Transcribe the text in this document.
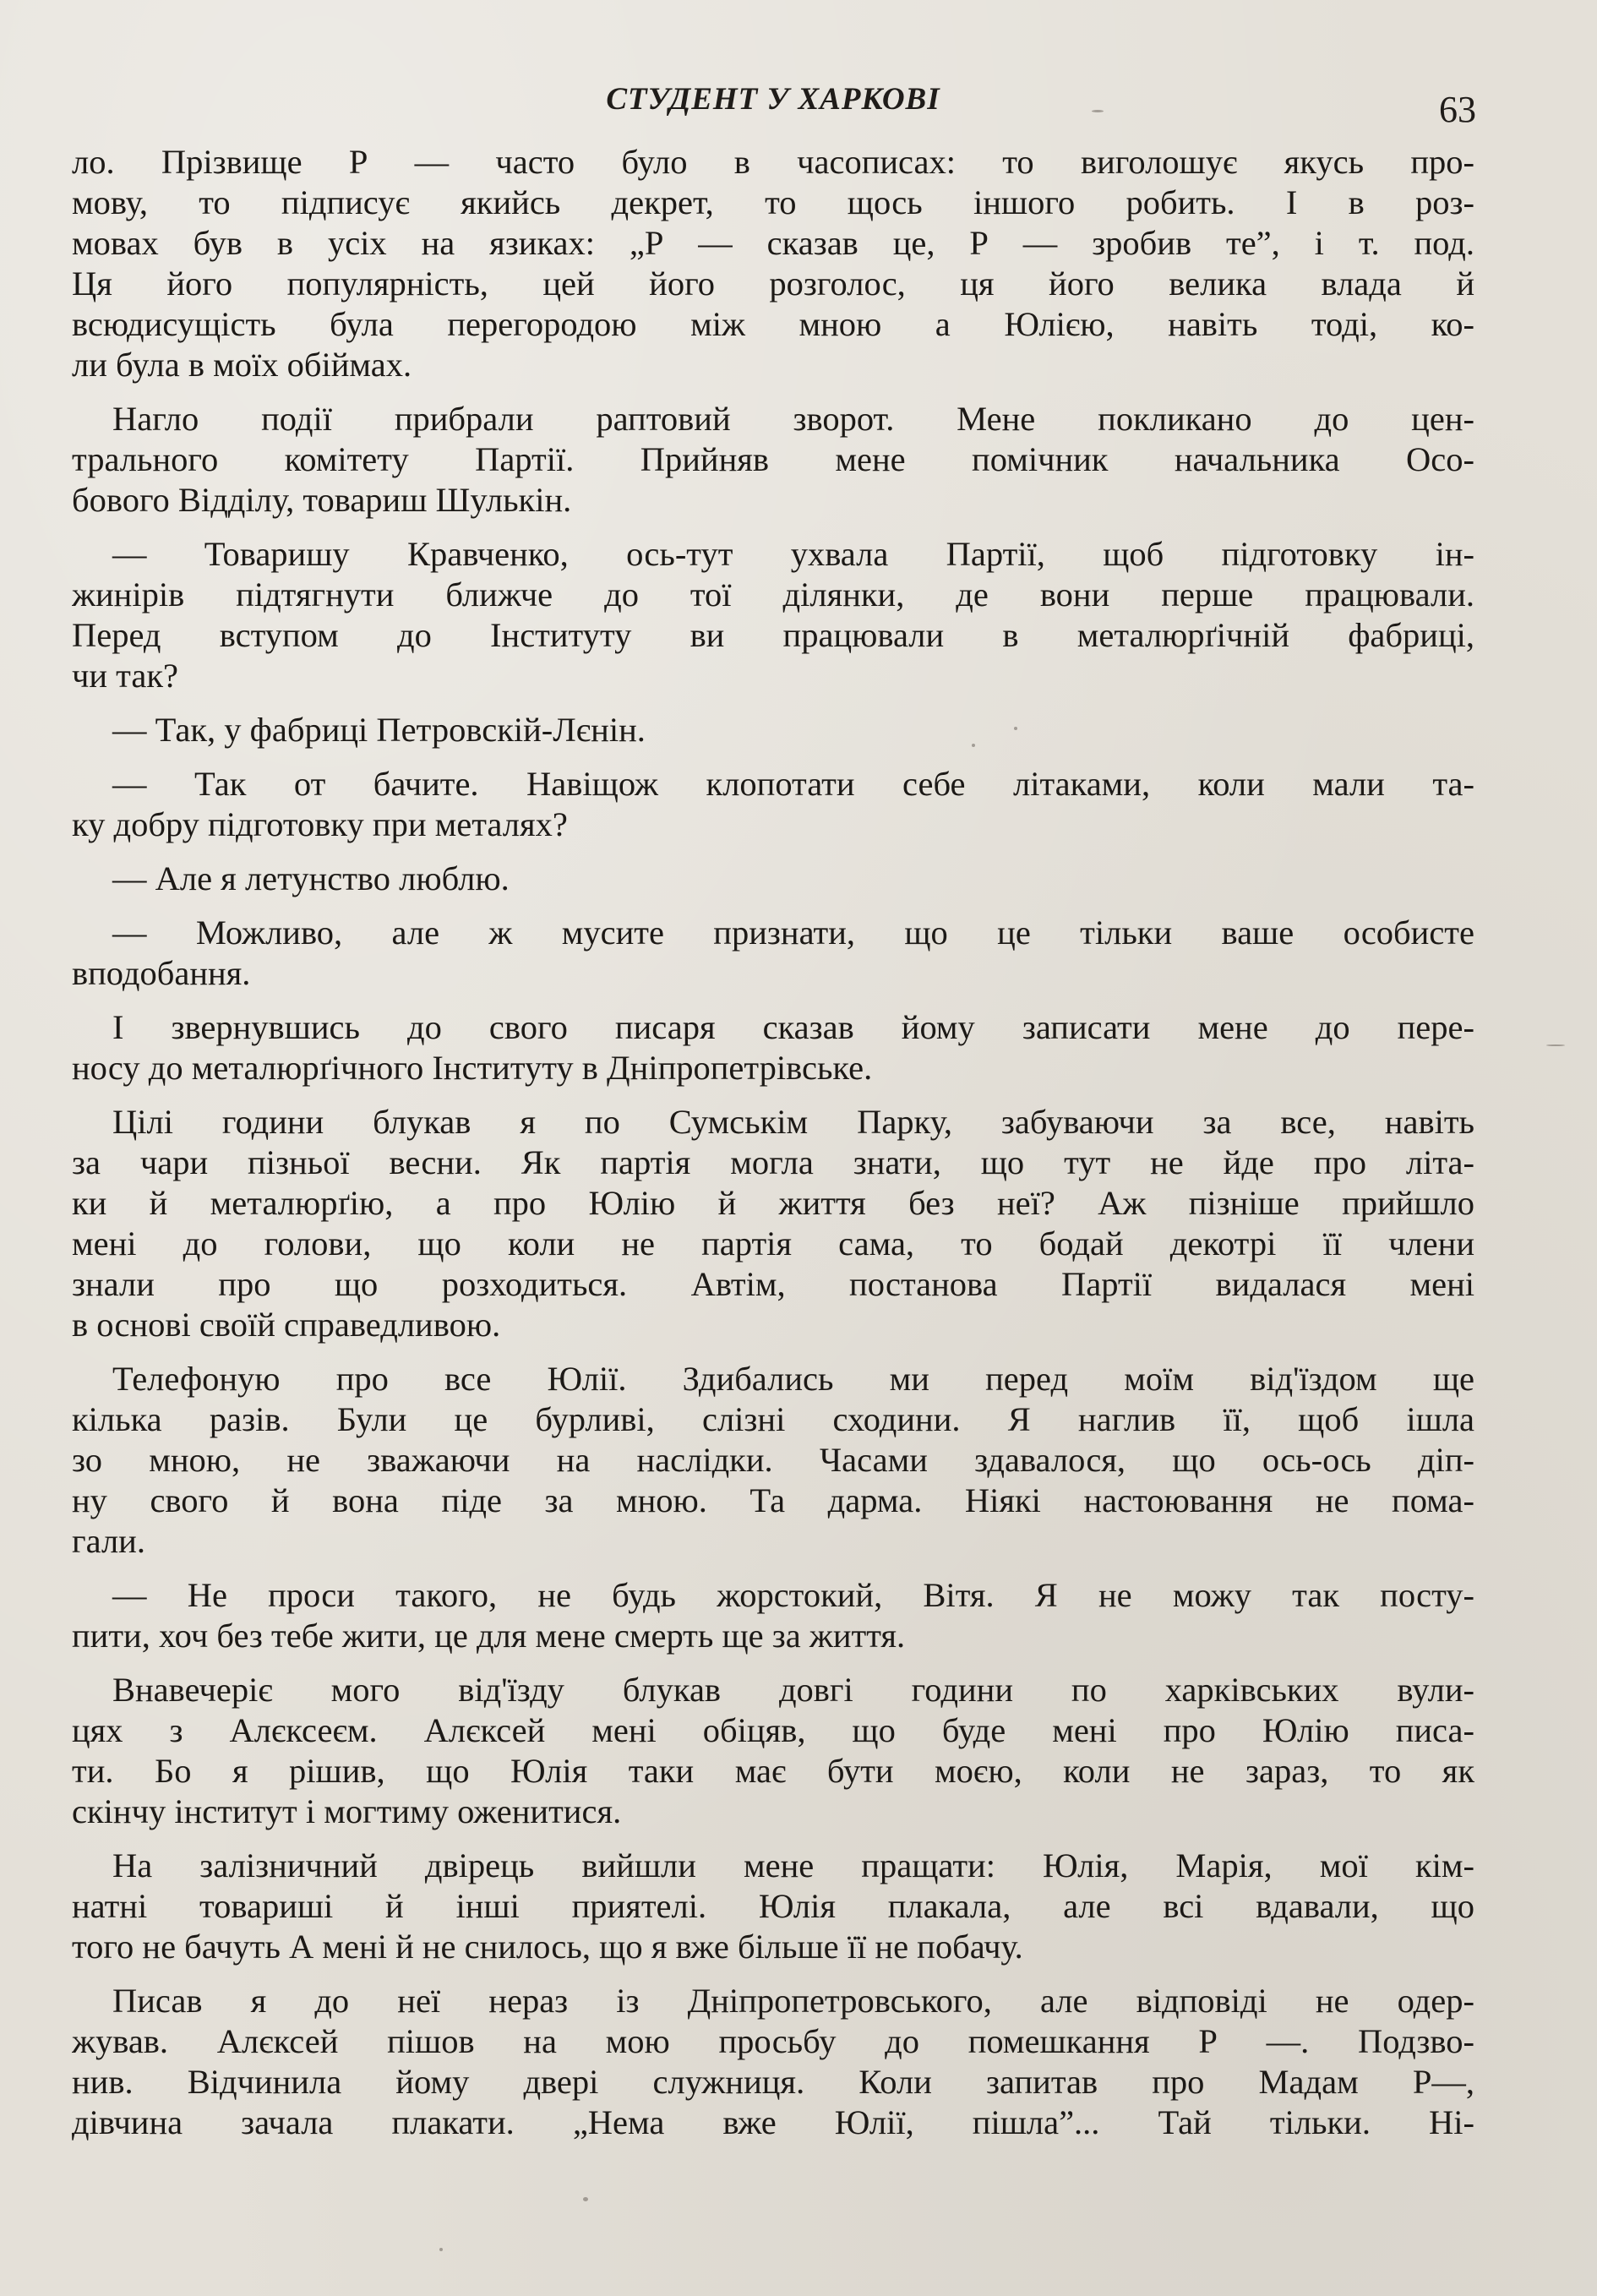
СТУДЕНТ У ХАРКОВІ	63
ло. Прізвище Р — часто було в часописах: то виголошує якусь про-
мову, то підписує якийсь декрет, то щось іншого робить. І в роз-
мовах був в усіх на язиках: „Р — сказав це, Р — зробив те”, і т. под.
Ця його популярність, цей його розголос, ця його велика влада й
всюдисущість була перегородою між мною а Юлією, навіть тоді, ко-
ли була в моїх обіймах.
Нагло події прибрали раптовий зворот. Мене покликано до цен-
трального комітету Партії. Прийняв мене помічник начальника Осо-
бового Відділу, товариш Шулькін.
— Товаришу Кравченко, ось-тут ухвала Партії, щоб підготовку ін-
жинірів підтягнути ближче до тої ділянки, де вони перше працювали.
Перед вступом до Інституту ви працювали в металюрґічній фабриці,
чи так?
— Так, у фабриці Петровскій-Лєнін.
— Так от бачите. Навіщож клопотати себе літаками, коли мали та-
ку добру підготовку при металях?
— Але я летунство люблю.
— Можливо, але ж мусите признати, що це тільки ваше особисте
вподобання.
І звернувшись до свого писаря сказав йому записати мене до пере-
носу до металюрґічного Інституту в Дніпропетрівське.
Цілі години блукав я по Сумськім Парку, забуваючи за все, навіть
за чари пізньої весни. Як партія могла знати, що тут не йде про літа-
ки й металюрґію, а про Юлію й життя без неї? Аж пізніше прийшло
мені до голови, що коли не партія сама, то бодай декотрі її члени
знали про що розходиться. Автім, постанова Партії видалася мені
в основі своїй справедливою.
Телефоную про все Юлії. Здибались ми перед моїм від'їздом ще
кілька разів. Були це бурливі, слізні сходини. Я наглив її, щоб ішла
зо мною, не зважаючи на наслідки. Часами здавалося, що ось-ось діп-
ну свого й вона піде за мною. Та дарма. Ніякі настоювання не пома-
гали.
— Не проси такого, не будь жорстокий, Вітя. Я не можу так посту-
пити, хоч без тебе жити, це для мене смерть ще за життя.
Внавечеріє мого від'їзду блукав довгі години по харківських вули-
цях з Алєксеєм. Алєксей мені обіцяв, що буде мені про Юлію писа-
ти. Бо я рішив, що Юлія таки має бути моєю, коли не зараз, то як
скінчу інститут і могтиму оженитися.
На залізничний двірець вийшли мене пращати: Юлія, Марія, мої кім-
натні товариші й інші приятелі. Юлія плакала, але всі вдавали, що
того не бачуть А мені й не снилось, що я вже більше її не побачу.
Писав я до неї нераз із Дніпропетровського, але відповіді не одер-
жував. Алєксей пішов на мою просьбу до помешкання Р —. Подзво-
нив. Відчинила йому двері служниця. Коли запитав про Мадам Р—,
дівчина зачала плакати. „Нема вже Юлії, пішла”... Тай тільки. Ні-
